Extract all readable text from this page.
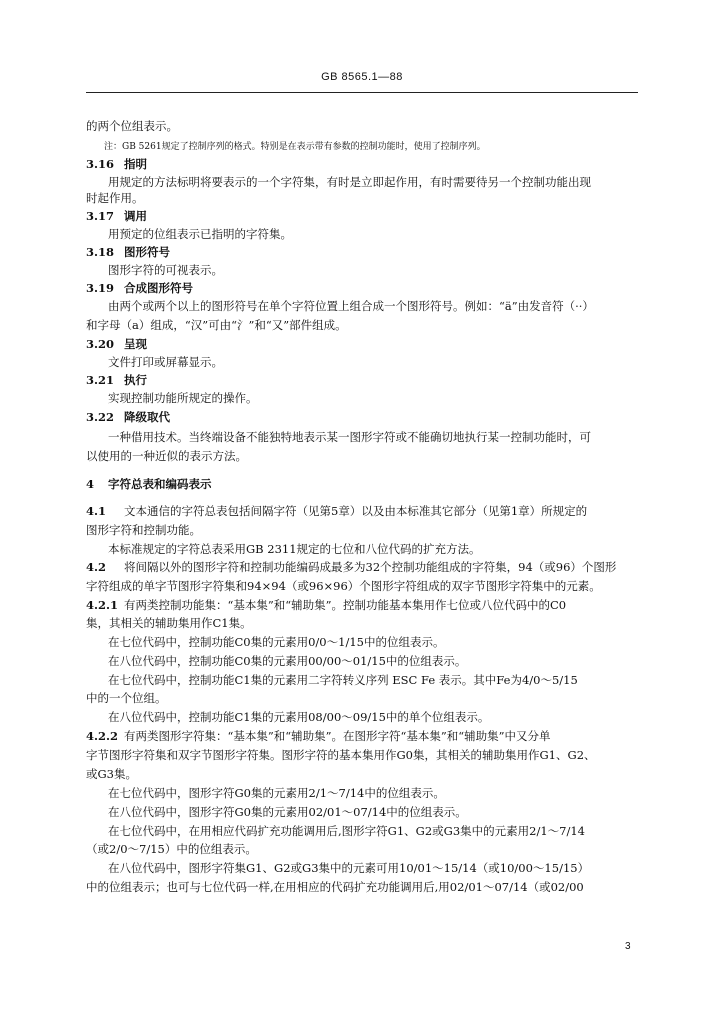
GB 8565.1—88
的两个位组表示。
注：GB 5261规定了控制序列的格式。特别是在表示带有参数的控制功能时，使用了控制序列。
3.16 指明
用规定的方法标明将要表示的一个字符集，有时是立即起作用，有时需要待另一个控制功能出现
时起作用。
3.17 调用
用预定的位组表示已指明的字符集。
3.18 图形符号
图形字符的可视表示。
3.19 合成图形符号
由两个或两个以上的图形符号在单个字符位置上组合成一个图形符号。例如：“ä”由发音符（··）
和字母（a）组成，“汉”可由“氵”和“又”部件组成。
3.20 呈现
文件打印或屏幕显示。
3.21 执行
实现控制功能所规定的操作。
3.22 降级取代
一种借用技术。当终端设备不能独特地表示某一图形字符或不能确切地执行某一控制功能时，可
以使用的一种近似的表示方法。
4 字符总表和编码表示
4.1 文本通信的字符总表包括间隔字符（见第5章）以及由本标准其它部分（见第1章）所规定的
图形字符和控制功能。
本标准规定的字符总表采用GB 2311规定的七位和八位代码的扩充方法。
4.2 将间隔以外的图形字符和控制功能编码成最多为32个控制功能组成的字符集，94（或96）个图形
字符组成的单字节图形字符集和94×94（或96×96）个图形字符组成的双字节图形字符集中的元素。
4.2.1 有两类控制功能集：“基本集”和“辅助集”。控制功能基本集用作七位或八位代码中的C0
集，其相关的辅助集用作C1集。
在七位代码中，控制功能C0集的元素用0/0～1/15中的位组表示。
在八位代码中，控制功能C0集的元素用00/00～01/15中的位组表示。
在七位代码中，控制功能C1集的元素用二字符转义序列 ESC Fe 表示。其中Fe为4/0～5/15
中的一个位组。
在八位代码中，控制功能C1集的元素用08/00～09/15中的单个位组表示。
4.2.2 有两类图形字符集：“基本集”和“辅助集”。在图形字符“基本集”和“辅助集”中又分单
字节图形字符集和双字节图形字符集。图形字符的基本集用作G0集，其相关的辅助集用作G1、G2、
或G3集。
在七位代码中，图形字符G0集的元素用2/1～7/14中的位组表示。
在八位代码中，图形字符G0集的元素用02/01～07/14中的位组表示。
在七位代码中，在用相应代码扩充功能调用后,图形字符G1、G2或G3集中的元素用2/1～7/14
（或2/0～7/15）中的位组表示。
在八位代码中，图形字符集G1、G2或G3集中的元素可用10/01～15/14（或10/00～15/15）
中的位组表示；也可与七位代码一样,在用相应的代码扩充功能调用后,用02/01～07/14（或02/00
3
